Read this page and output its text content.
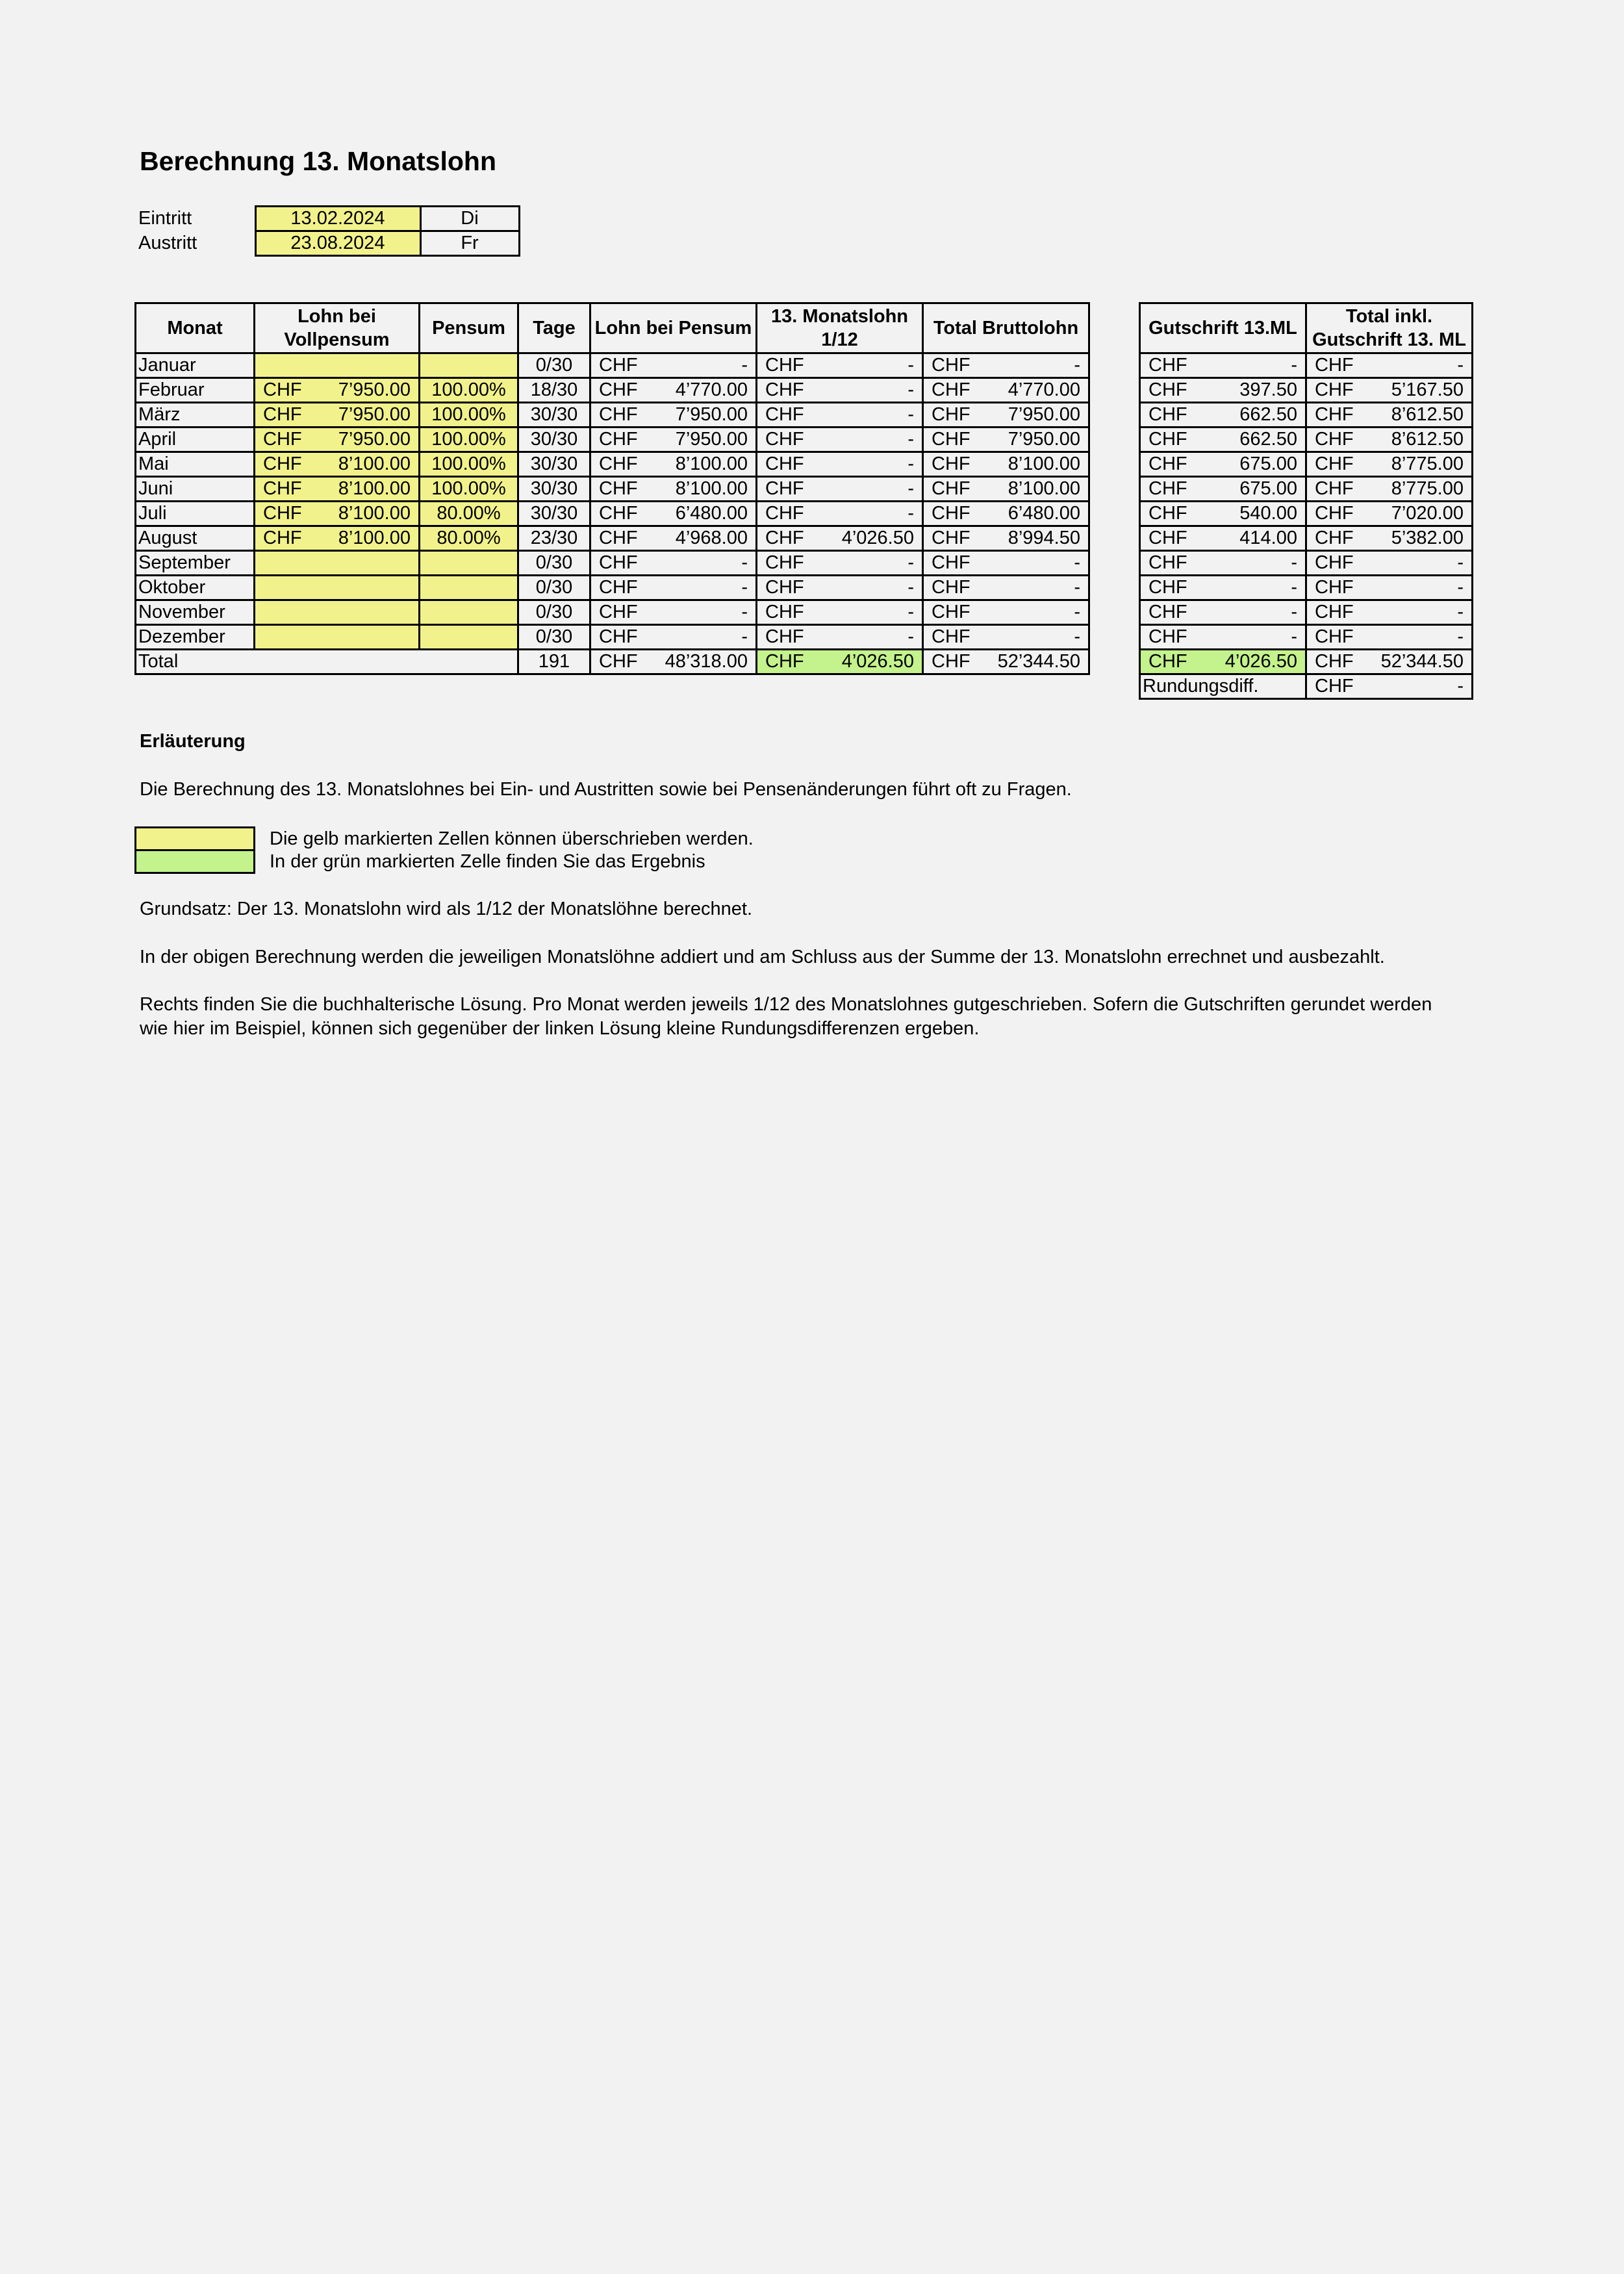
Berechnung 13. Monatslohn
Eintritt	13.02.2024	Di
Austritt	23.08.2024	Fr
Monat	Lohn bei Vollpensum	Pensum	Tage	Lohn bei Pensum	13. Monatslohn 1/12	Total Bruttolohn
Januar			0/30	CHF -	CHF -	CHF -

Februar	CHF 7’950.00	100.00%	18/30	CHF 4’770.00	CHF -	CHF 4’770.00

März	CHF 7’950.00	100.00%	30/30	CHF 7’950.00	CHF -	CHF 7’950.00

April	CHF 7’950.00	100.00%	30/30	CHF 7’950.00	CHF -	CHF 7’950.00

Mai	CHF 8’100.00	100.00%	30/30	CHF 8’100.00	CHF -	CHF 8’100.00

Juni	CHF 8’100.00	100.00%	30/30	CHF 8’100.00	CHF -	CHF 8’100.00

Juli	CHF 8’100.00	80.00%	30/30	CHF 6’480.00	CHF -	CHF 6’480.00

August	CHF 8’100.00	80.00%	23/30	CHF 4’968.00	CHF 4’026.50	CHF 8’994.50

September			0/30	CHF -	CHF -	CHF -

Oktober			0/30	CHF -	CHF -	CHF -

November			0/30	CHF -	CHF -	CHF -

Dezember			0/30	CHF -	CHF -	CHF -

Total			191	CHF 48’318.00	CHF 4’026.50	CHF 52’344.50
Gutschrift 13.ML	Total inkl. Gutschrift 13. ML

CHF -	CHF -

CHF 397.50	CHF 5’167.50

CHF 662.50	CHF 8’612.50

CHF 662.50	CHF 8’612.50

CHF 675.00	CHF 8’775.00

CHF 675.00	CHF 8’775.00

CHF 540.00	CHF 7’020.00

CHF 414.00	CHF 5’382.00

CHF -	CHF -

CHF -	CHF -

CHF -	CHF -

CHF -	CHF -

CHF 4’026.50	CHF 52’344.50

Rundungsdiff.	CHF -
Erläuterung
Die Berechnung des 13. Monatslohnes bei Ein- und Austritten sowie bei Pensenänderungen führt oft zu Fragen.
	Die gelb markierten Zellen können überschrieben werden.
	In der grün markierten Zelle finden Sie das Ergebnis
Grundsatz: Der 13. Monatslohn wird als 1/12 der Monatslöhne berechnet.
In der obigen Berechnung werden die jeweiligen Monatslöhne addiert und am Schluss aus der Summe der 13. Monatslohn errechnet und ausbezahlt.
Rechts finden Sie die buchhalterische Lösung. Pro Monat werden jeweils 1/12 des Monatslohnes gutgeschrieben. Sofern die Gutschriften gerundet werden wie hier im Beispiel, können sich gegenüber der linken Lösung kleine Rundungsdifferenzen ergeben.
